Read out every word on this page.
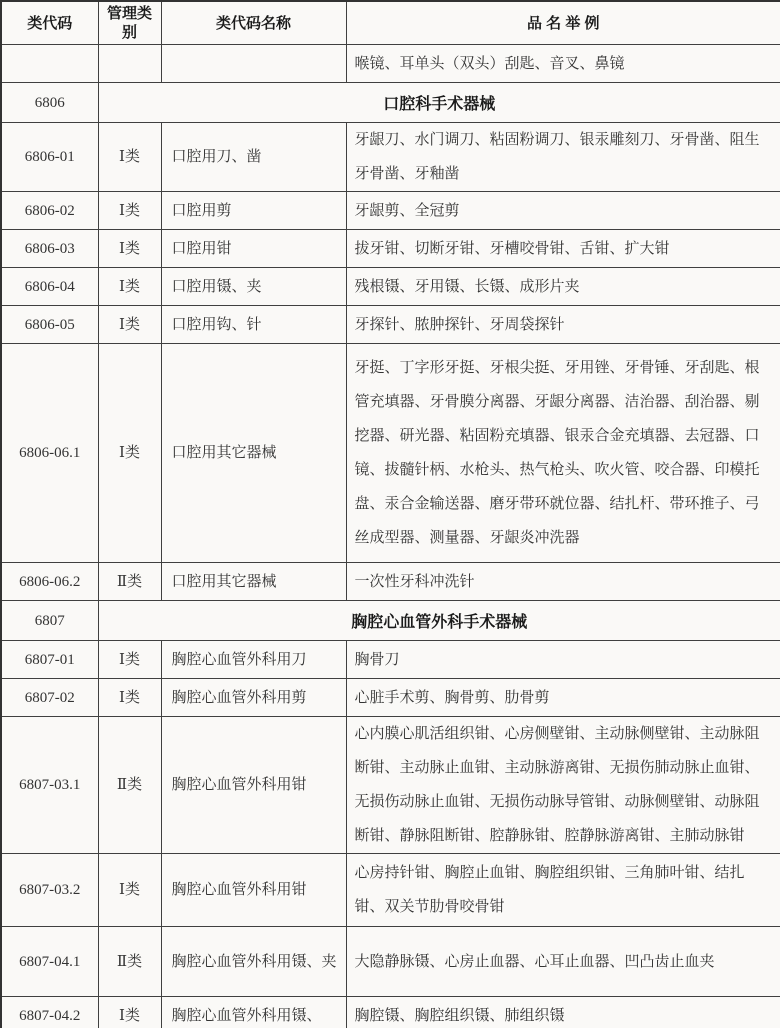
类代码	管理类别	类代码名称	品 名 举 例
			喉镜、耳单头（双头）刮匙、音叉、鼻镜
6806	口腔科手术器械		
6806-01	Ⅰ类	口腔用刀、凿	牙龈刀、水门调刀、粘固粉调刀、银汞雕刻刀、牙骨凿、阻生牙骨凿、牙釉凿
6806-02	Ⅰ类	口腔用剪	牙龈剪、全冠剪
6806-03	Ⅰ类	口腔用钳	拔牙钳、切断牙钳、牙槽咬骨钳、舌钳、扩大钳
6806-04	Ⅰ类	口腔用镊、夹	残根镊、牙用镊、长镊、成形片夹
6806-05	Ⅰ类	口腔用钩、针	牙探针、脓肿探针、牙周袋探针
6806-06.1	Ⅰ类	口腔用其它器械	牙挺、丁字形牙挺、牙根尖挺、牙用锉、牙骨锤、牙刮匙、根管充填器、牙骨膜分离器、牙龈分离器、洁治器、刮治器、剔挖器、研光器、粘固粉充填器、银汞合金充填器、去冠器、口镜、拔髓针柄、水枪头、热气枪头、吹火管、咬合器、印模托盘、汞合金输送器、磨牙带环就位器、结扎杆、带环推子、弓丝成型器、测量器、牙龈炎冲洗器
6806-06.2	Ⅱ类	口腔用其它器械	一次性牙科冲洗针
6807	胸腔心血管外科手术器械		
6807-01	Ⅰ类	胸腔心血管外科用刀	胸骨刀
6807-02	Ⅰ类	胸腔心血管外科用剪	心脏手术剪、胸骨剪、肋骨剪
6807-03.1	Ⅱ类	胸腔心血管外科用钳	心内膜心肌活组织钳、心房侧壁钳、主动脉侧壁钳、主动脉阻断钳、主动脉止血钳、主动脉游离钳、无损伤肺动脉止血钳、无损伤动脉止血钳、无损伤动脉导管钳、动脉侧壁钳、动脉阻断钳、静脉阻断钳、腔静脉钳、腔静脉游离钳、主肺动脉钳
6807-03.2	Ⅰ类	胸腔心血管外科用钳	心房持针钳、胸腔止血钳、胸腔组织钳、三角肺叶钳、结扎钳、双关节肋骨咬骨钳
6807-04.1	Ⅱ类	胸腔心血管外科用镊、夹	大隐静脉镊、心房止血器、心耳止血器、凹凸齿止血夹
6807-04.2	Ⅰ类	胸腔心血管外科用镊、	胸腔镊、胸腔组织镊、肺组织镊
